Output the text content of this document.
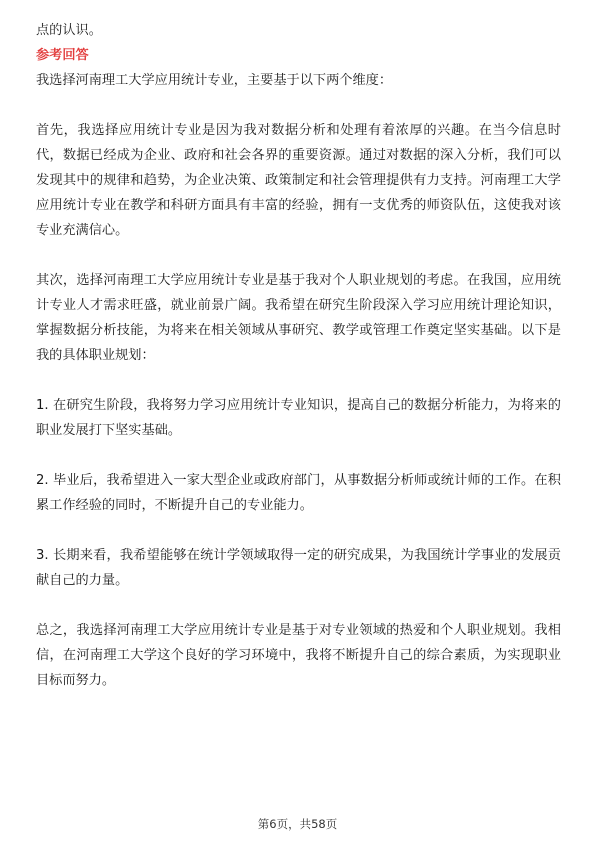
点的认识。

参考回答

我选择河南理工大学应用统计专业，主要基于以下两个维度：

首先，我选择应用统计专业是因为我对数据分析和处理有着浓厚的兴趣。在当今信息时代，数据已经成为企业、政府和社会各界的重要资源。通过对数据的深入分析，我们可以发现其中的规律和趋势，为企业决策、政策制定和社会管理提供有力支持。河南理工大学应用统计专业在教学和科研方面具有丰富的经验，拥有一支优秀的师资队伍，这使我对该专业充满信心。

其次，选择河南理工大学应用统计专业是基于我对个人职业规划的考虑。在我国，应用统计专业人才需求旺盛，就业前景广阔。我希望在研究生阶段深入学习应用统计理论知识，掌握数据分析技能，为将来在相关领域从事研究、教学或管理工作奠定坚实基础。以下是我的具体职业规划：

1. 在研究生阶段，我将努力学习应用统计专业知识，提高自己的数据分析能力，为将来的职业发展打下坚实基础。

2. 毕业后，我希望进入一家大型企业或政府部门，从事数据分析师或统计师的工作。在积累工作经验的同时，不断提升自己的专业能力。

3. 长期来看，我希望能够在统计学领域取得一定的研究成果，为我国统计学事业的发展贡献自己的力量。

总之，我选择河南理工大学应用统计专业是基于对专业领域的热爱和个人职业规划。我相信，在河南理工大学这个良好的学习环境中，我将不断提升自己的综合素质，为实现职业目标而努力。

第6页，共58页
